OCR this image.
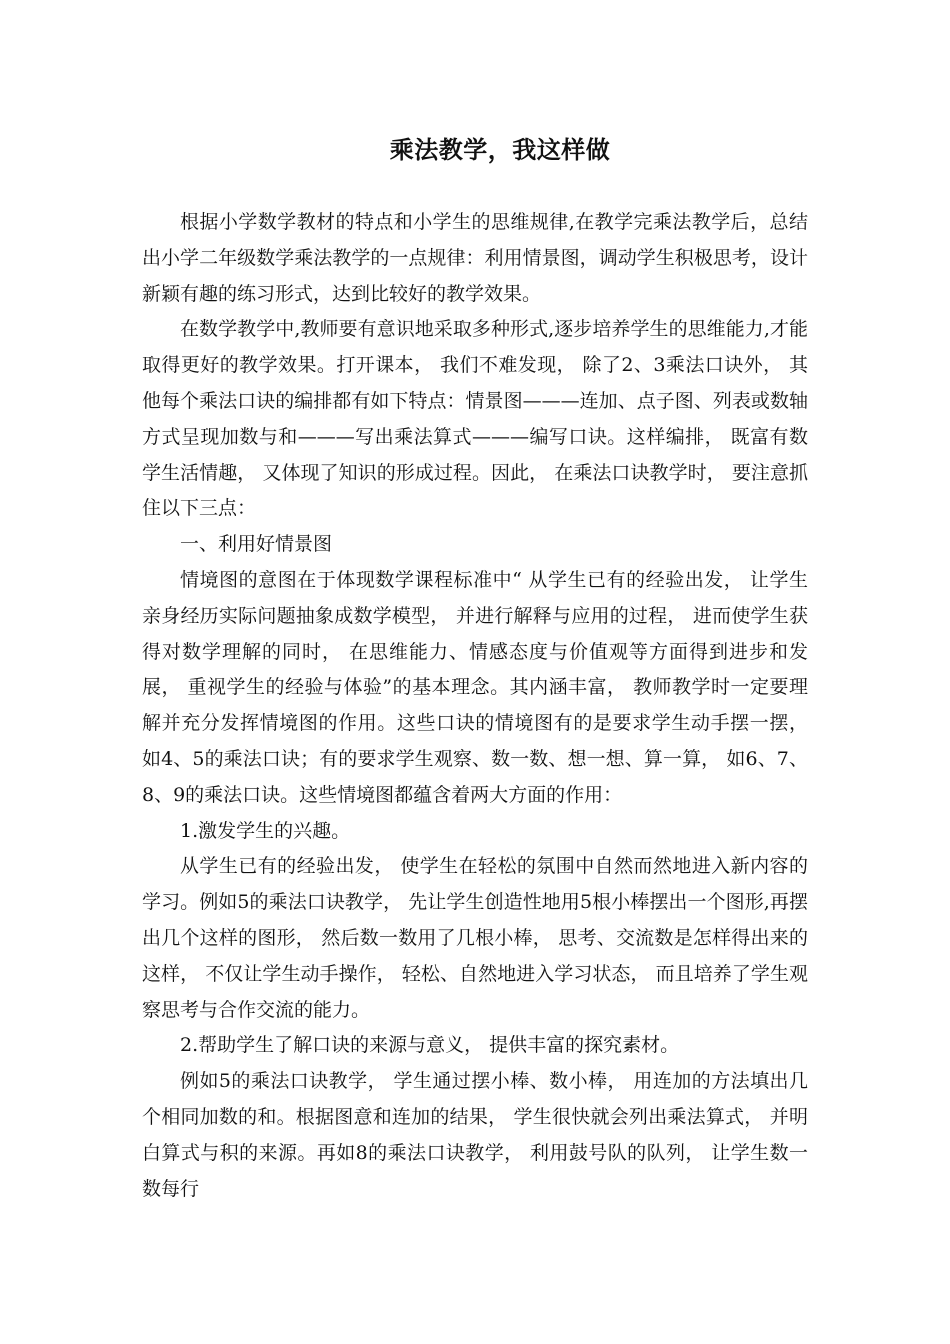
乘法教学，我这样做

根据小学数学教材的特点和小学生的思维规律,在教学完乘法教学后，总结出小学二年级数学乘法教学的一点规律：利用情景图，调动学生积极思考，设计新颖有趣的练习形式，达到比较好的教学效果。

在数学教学中,教师要有意识地采取多种形式,逐步培养学生的思维能力,才能取得更好的教学效果。打开课本， 我们不难发现， 除了2、3乘法口诀外， 其他每个乘法口诀的编排都有如下特点：情景图———连加、点子图、列表或数轴方式呈现加数与和———写出乘法算式———编写口诀。这样编排， 既富有数学生活情趣， 又体现了知识的形成过程。因此， 在乘法口诀教学时， 要注意抓住以下三点：

一、利用好情景图

情境图的意图在于体现数学课程标准中“ 从学生已有的经验出发， 让学生亲身经历实际问题抽象成数学模型， 并进行解释与应用的过程， 进而使学生获得对数学理解的同时， 在思维能力、情感态度与价值观等方面得到进步和发展， 重视学生的经验与体验”的基本理念。其内涵丰富， 教师教学时一定要理解并充分发挥情境图的作用。这些口诀的情境图有的是要求学生动手摆一摆， 如4、5的乘法口诀；有的要求学生观察、数一数、想一想、算一算， 如6、7、8、9的乘法口诀。这些情境图都蕴含着两大方面的作用：

1.激发学生的兴趣。

从学生已有的经验出发， 使学生在轻松的氛围中自然而然地进入新内容的学习。例如5的乘法口诀教学， 先让学生创造性地用5根小棒摆出一个图形,再摆出几个这样的图形， 然后数一数用了几根小棒， 思考、交流数是怎样得出来的这样， 不仅让学生动手操作， 轻松、自然地进入学习状态， 而且培养了学生观察思考与合作交流的能力。

2.帮助学生了解口诀的来源与意义， 提供丰富的探究素材。

例如5的乘法口诀教学， 学生通过摆小棒、数小棒， 用连加的方法填出几个相同加数的和。根据图意和连加的结果， 学生很快就会列出乘法算式， 并明白算式与积的来源。再如8的乘法口诀教学， 利用鼓号队的队列， 让学生数一数每行
